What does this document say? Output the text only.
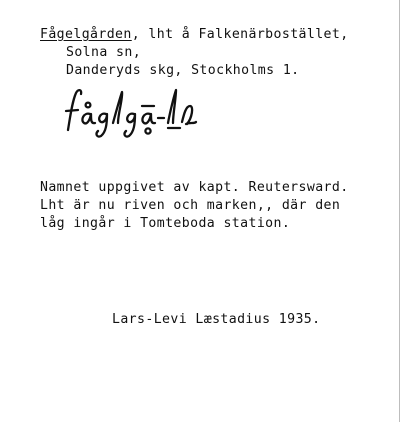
Fågelgården, lht å Falkenärbostället,
Solna sn,
Danderyds skg, Stockholms 1.
Namnet uppgivet av kapt. Reutersward.
Lht är nu riven och marken,, där den
låg ingår i Tomteboda station.
Lars-Levi Læstadius 1935.
